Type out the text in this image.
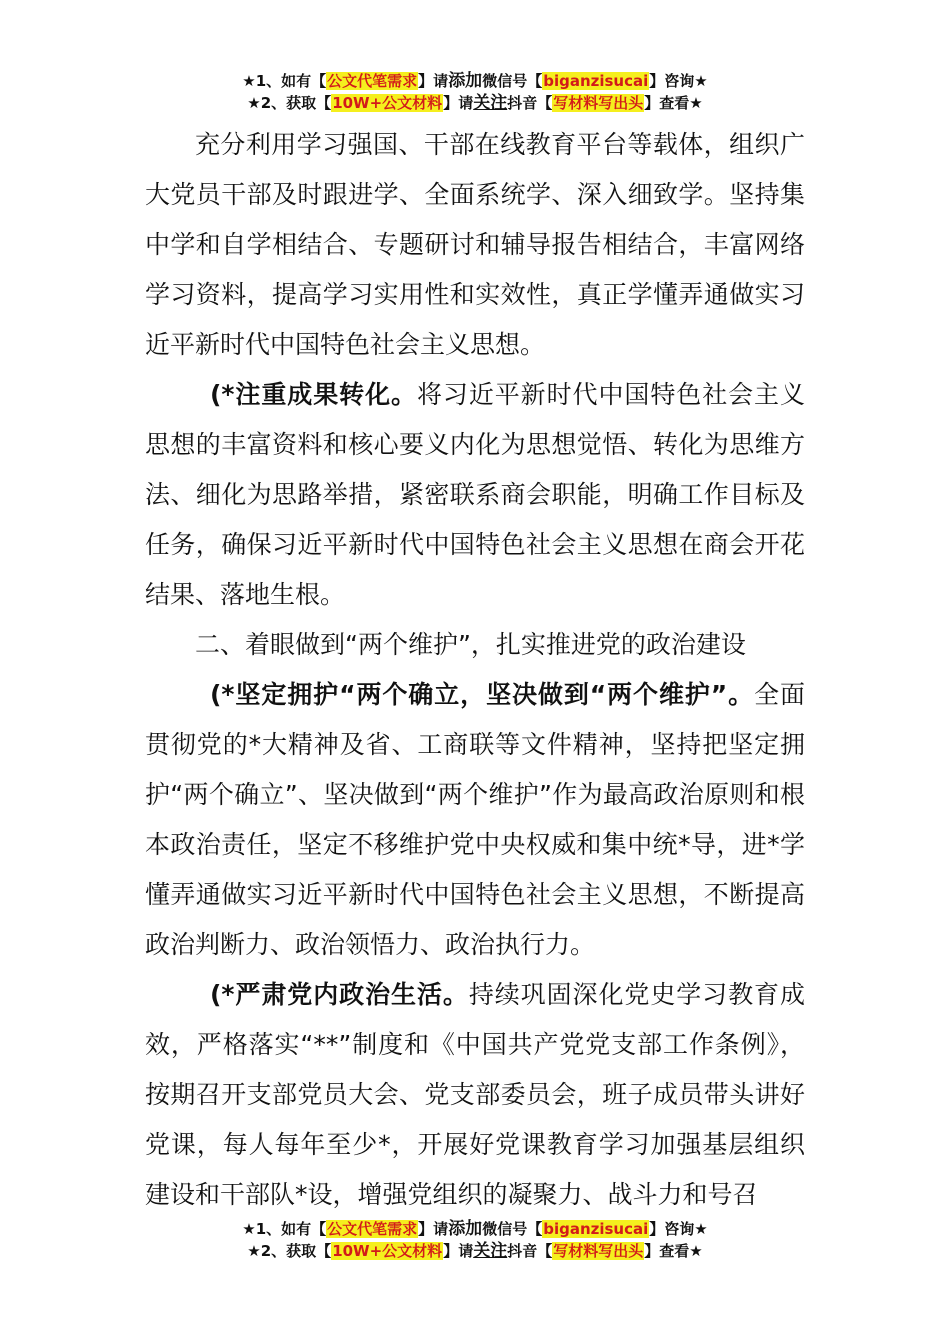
★1、如有【公文代笔需求】请添加微信号【biganzisucai】咨询★
★2、获取【10W+公文材料】请关注抖音【写材料写出头】查看★

充分利用学习强国、干部在线教育平台等载体，组织广大党员干部及时跟进学、全面系统学、深入细致学。坚持集中学和自学相结合、专题研讨和辅导报告相结合，丰富网络学习资料，提高学习实用性和实效性，真正学懂弄通做实习近平新时代中国特色社会主义思想。

(*注重成果转化。将习近平新时代中国特色社会主义思想的丰富资料和核心要义内化为思想觉悟、转化为思维方法、细化为思路举措，紧密联系商会职能，明确工作目标及任务，确保习近平新时代中国特色社会主义思想在商会开花结果、落地生根。

二、着眼做到“两个维护”，扎实推进党的政治建设

(*坚定拥护“两个确立，坚决做到“两个维护”。全面贯彻党的*大精神及省、工商联等文件精神，坚持把坚定拥护“两个确立”、坚决做到“两个维护”作为最高政治原则和根本政治责任，坚定不移维护党中央权威和集中统*导，进*学懂弄通做实习近平新时代中国特色社会主义思想，不断提高政治判断力、政治领悟力、政治执行力。

(*严肃党内政治生活。持续巩固深化党史学习教育成效，严格落实“**”制度和《中国共产党党支部工作条例》，按期召开支部党员大会、党支部委员会，班子成员带头讲好党课，每人每年至少*，开展好党课教育学习加强基层组织建设和干部队*设，增强党组织的凝聚力、战斗力和号召

★1、如有【公文代笔需求】请添加微信号【biganzisucai】咨询★
★2、获取【10W+公文材料】请关注抖音【写材料写出头】查看★
